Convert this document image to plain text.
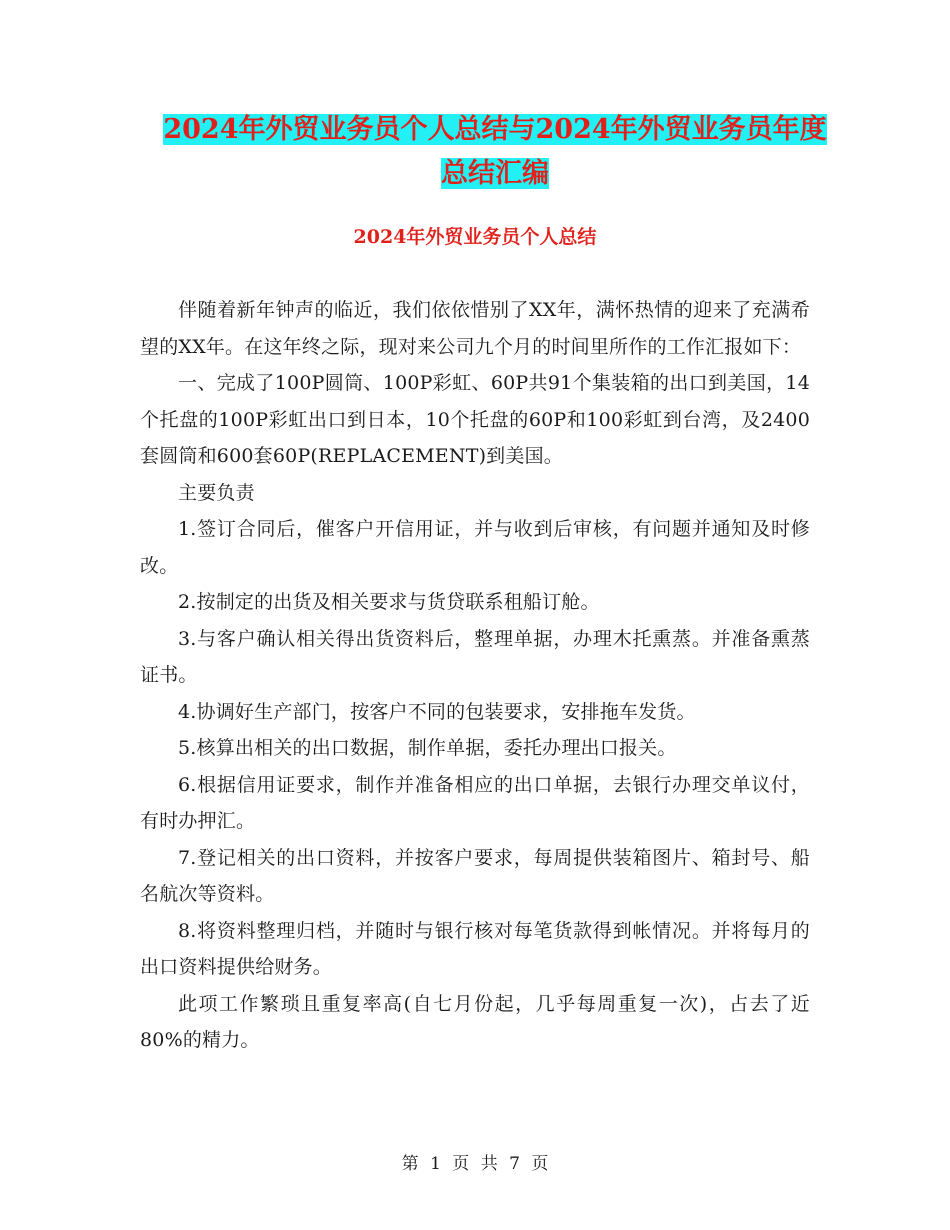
2024年外贸业务员个人总结与2024年外贸业务员年度
总结汇编
2024年外贸业务员个人总结

伴随着新年钟声的临近，我们依依惜别了XX年，满怀热情的迎来了充满希望的XX年。在这年终之际，现对来公司九个月的时间里所作的工作汇报如下：

一、完成了100P圆筒、100P彩虹、60P共91个集装箱的出口到美国，14个托盘的100P彩虹出口到日本，10个托盘的60P和100彩虹到台湾，及2400套圆筒和600套60P(REPLACEMENT)到美国。

主要负责

1.签订合同后，催客户开信用证，并与收到后审核，有问题并通知及时修改。

2.按制定的出货及相关要求与货贷联系租船订舱。

3.与客户确认相关得出货资料后，整理单据，办理木托熏蒸。并准备熏蒸证书。

4.协调好生产部门，按客户不同的包装要求，安排拖车发货。

5.核算出相关的出口数据，制作单据，委托办理出口报关。

6.根据信用证要求，制作并准备相应的出口单据，去银行办理交单议付，有时办押汇。

7.登记相关的出口资料，并按客户要求，每周提供装箱图片、箱封号、船名航次等资料。

8.将资料整理归档，并随时与银行核对每笔货款得到帐情况。并将每月的出口资料提供给财务。

此项工作繁琐且重复率高(自七月份起，几乎每周重复一次)，占去了近80%的精力。

第 1 页 共 7 页
